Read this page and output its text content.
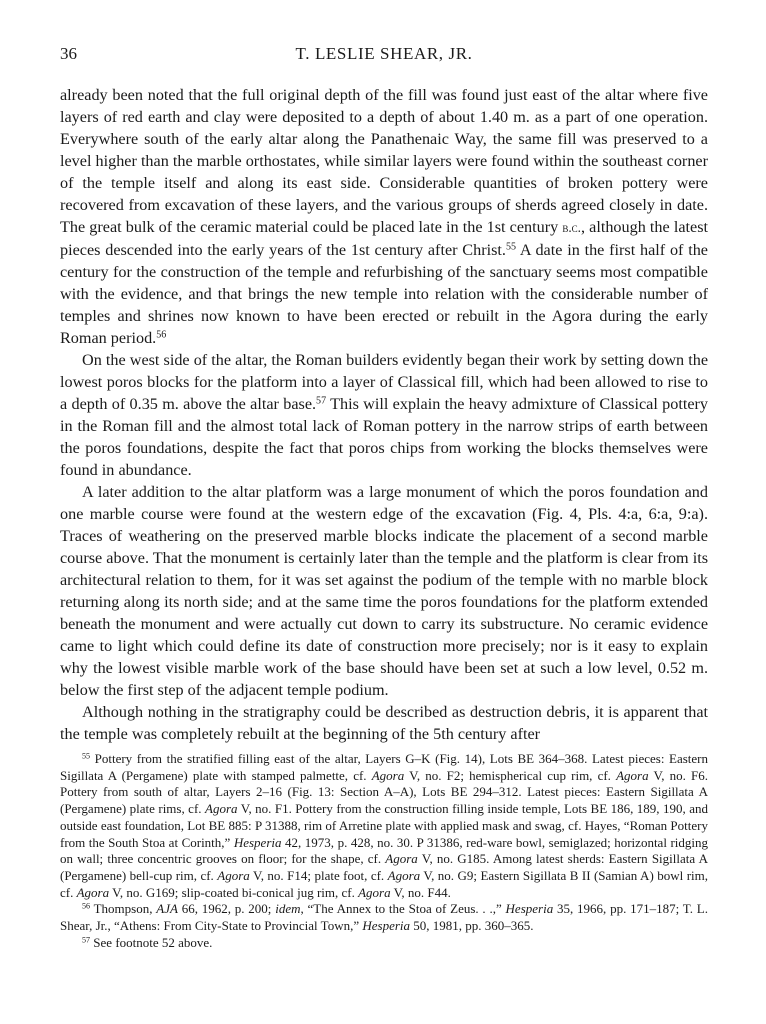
36	T. LESLIE SHEAR, JR.

already been noted that the full original depth of the fill was found just east of the altar where five layers of red earth and clay were deposited to a depth of about 1.40 m. as a part of one operation. Everywhere south of the early altar along the Panathenaic Way, the same fill was preserved to a level higher than the marble orthostates, while similar layers were found within the southeast corner of the temple itself and along its east side. Considerable quantities of broken pottery were recovered from excavation of these layers, and the various groups of sherds agreed closely in date. The great bulk of the ceramic material could be placed late in the 1st century b.c., although the latest pieces descended into the early years of the 1st century after Christ.$^{55}$ A date in the first half of the century for the construction of the temple and refurbishing of the sanctuary seems most compatible with the evidence, and that brings the new temple into relation with the considerable number of temples and shrines now known to have been erected or rebuilt in the Agora during the early Roman period.$^{56}$

On the west side of the altar, the Roman builders evidently began their work by setting down the lowest poros blocks for the platform into a layer of Classical fill, which had been allowed to rise to a depth of 0.35 m. above the altar base.$^{57}$ This will explain the heavy admixture of Classical pottery in the Roman fill and the almost total lack of Roman pottery in the narrow strips of earth between the poros foundations, despite the fact that poros chips from working the blocks themselves were found in abundance.

A later addition to the altar platform was a large monument of which the poros foundation and one marble course were found at the western edge of the excavation (Fig. 4, Pls. 4:a, 6:a, 9:a). Traces of weathering on the preserved marble blocks indicate the placement of a second marble course above. That the monument is certainly later than the temple and the platform is clear from its architectural relation to them, for it was set against the podium of the temple with no marble block returning along its north side; and at the same time the poros foundations for the platform extended beneath the monument and were actually cut down to carry its substructure. No ceramic evidence came to light which could define its date of construction more precisely; nor is it easy to explain why the lowest visible marble work of the base should have been set at such a low level, 0.52 m. below the first step of the adjacent temple podium.

Although nothing in the stratigraphy could be described as destruction debris, it is apparent that the temple was completely rebuilt at the beginning of the 5th century after

$^{55}$ Pottery from the stratified filling east of the altar, Layers G–K (Fig. 14), Lots BE 364–368. Latest pieces: Eastern Sigillata A (Pergamene) plate with stamped palmette, cf. Agora V, no. F2; hemispherical cup rim, cf. Agora V, no. F6. Pottery from south of altar, Layers 2–16 (Fig. 13: Section A–A), Lots BE 294–312. Latest pieces: Eastern Sigillata A (Pergamene) plate rims, cf. Agora V, no. F1. Pottery from the construction filling inside temple, Lots BE 186, 189, 190, and outside east foundation, Lot BE 885: P 31388, rim of Arretine plate with applied mask and swag, cf. Hayes, “Roman Pottery from the South Stoa at Corinth,” Hesperia 42, 1973, p. 428, no. 30. P 31386, red-ware bowl, semiglazed; horizontal ridging on wall; three concentric grooves on floor; for the shape, cf. Agora V, no. G185. Among latest sherds: Eastern Sigillata A (Pergamene) bell-cup rim, cf. Agora V, no. F14; plate foot, cf. Agora V, no. G9; Eastern Sigillata B II (Samian A) bowl rim, cf. Agora V, no. G169; slip-coated bi-conical jug rim, cf. Agora V, no. F44.

$^{56}$ Thompson, AJA 66, 1962, p. 200; idem, “The Annex to the Stoa of Zeus. . .,” Hesperia 35, 1966, pp. 171–187; T. L. Shear, Jr., “Athens: From City-State to Provincial Town,” Hesperia 50, 1981, pp. 360–365.

$^{57}$ See footnote 52 above.
